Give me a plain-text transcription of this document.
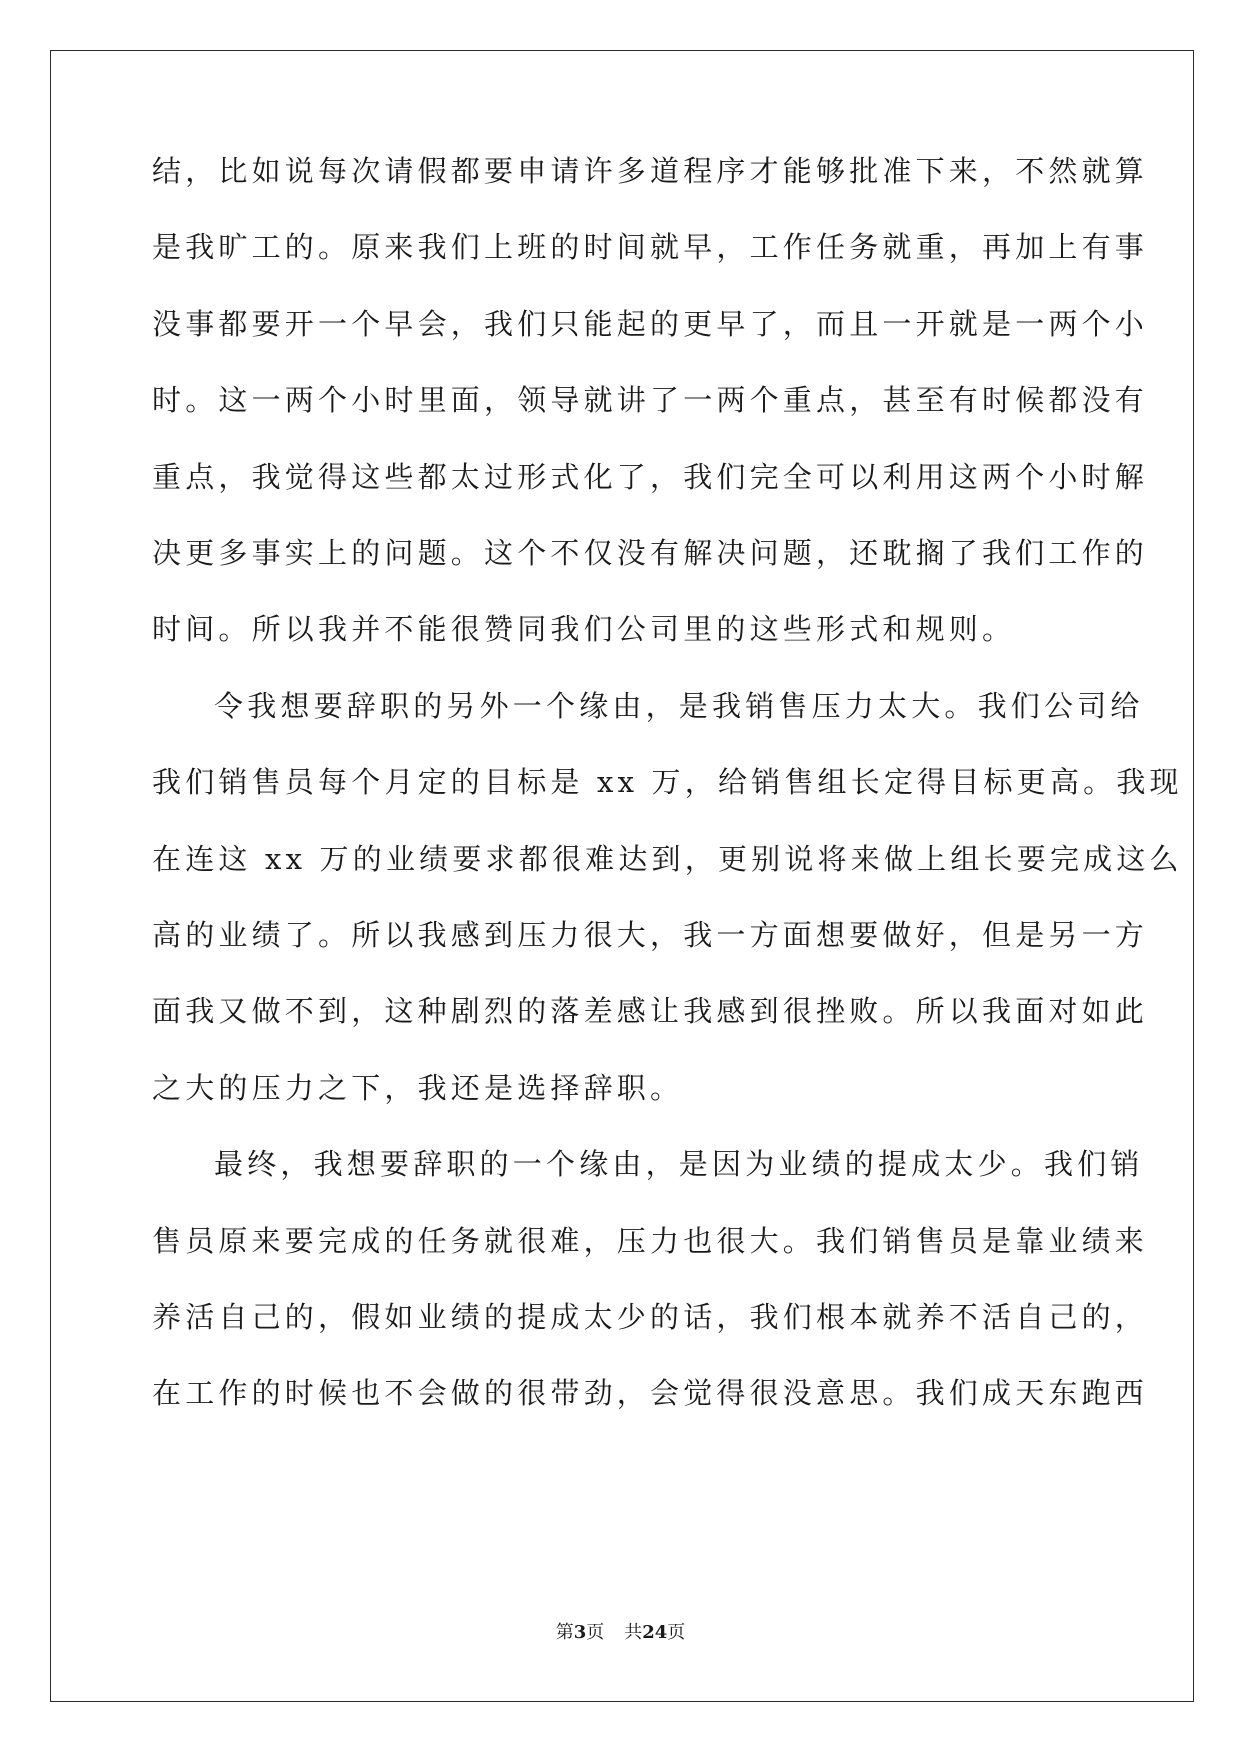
结，比如说每次请假都要申请许多道程序才能够批准下来，不然就算
是我旷工的。原来我们上班的时间就早，工作任务就重，再加上有事
没事都要开一个早会，我们只能起的更早了，而且一开就是一两个小
时。这一两个小时里面，领导就讲了一两个重点，甚至有时候都没有
重点，我觉得这些都太过形式化了，我们完全可以利用这两个小时解
决更多事实上的问题。这个不仅没有解决问题，还耽搁了我们工作的
时间。所以我并不能很赞同我们公司里的这些形式和规则。
令我想要辞职的另外一个缘由，是我销售压力太大。我们公司给
我们销售员每个月定的目标是 xx 万，给销售组长定得目标更高。我现
在连这 xx 万的业绩要求都很难达到，更别说将来做上组长要完成这么
高的业绩了。所以我感到压力很大，我一方面想要做好，但是另一方
面我又做不到，这种剧烈的落差感让我感到很挫败。所以我面对如此
之大的压力之下，我还是选择辞职。
最终，我想要辞职的一个缘由，是因为业绩的提成太少。我们销
售员原来要完成的任务就很难，压力也很大。我们销售员是靠业绩来
养活自己的，假如业绩的提成太少的话，我们根本就养不活自己的，
在工作的时候也不会做的很带劲，会觉得很没意思。我们成天东跑西
第3页 共24页
